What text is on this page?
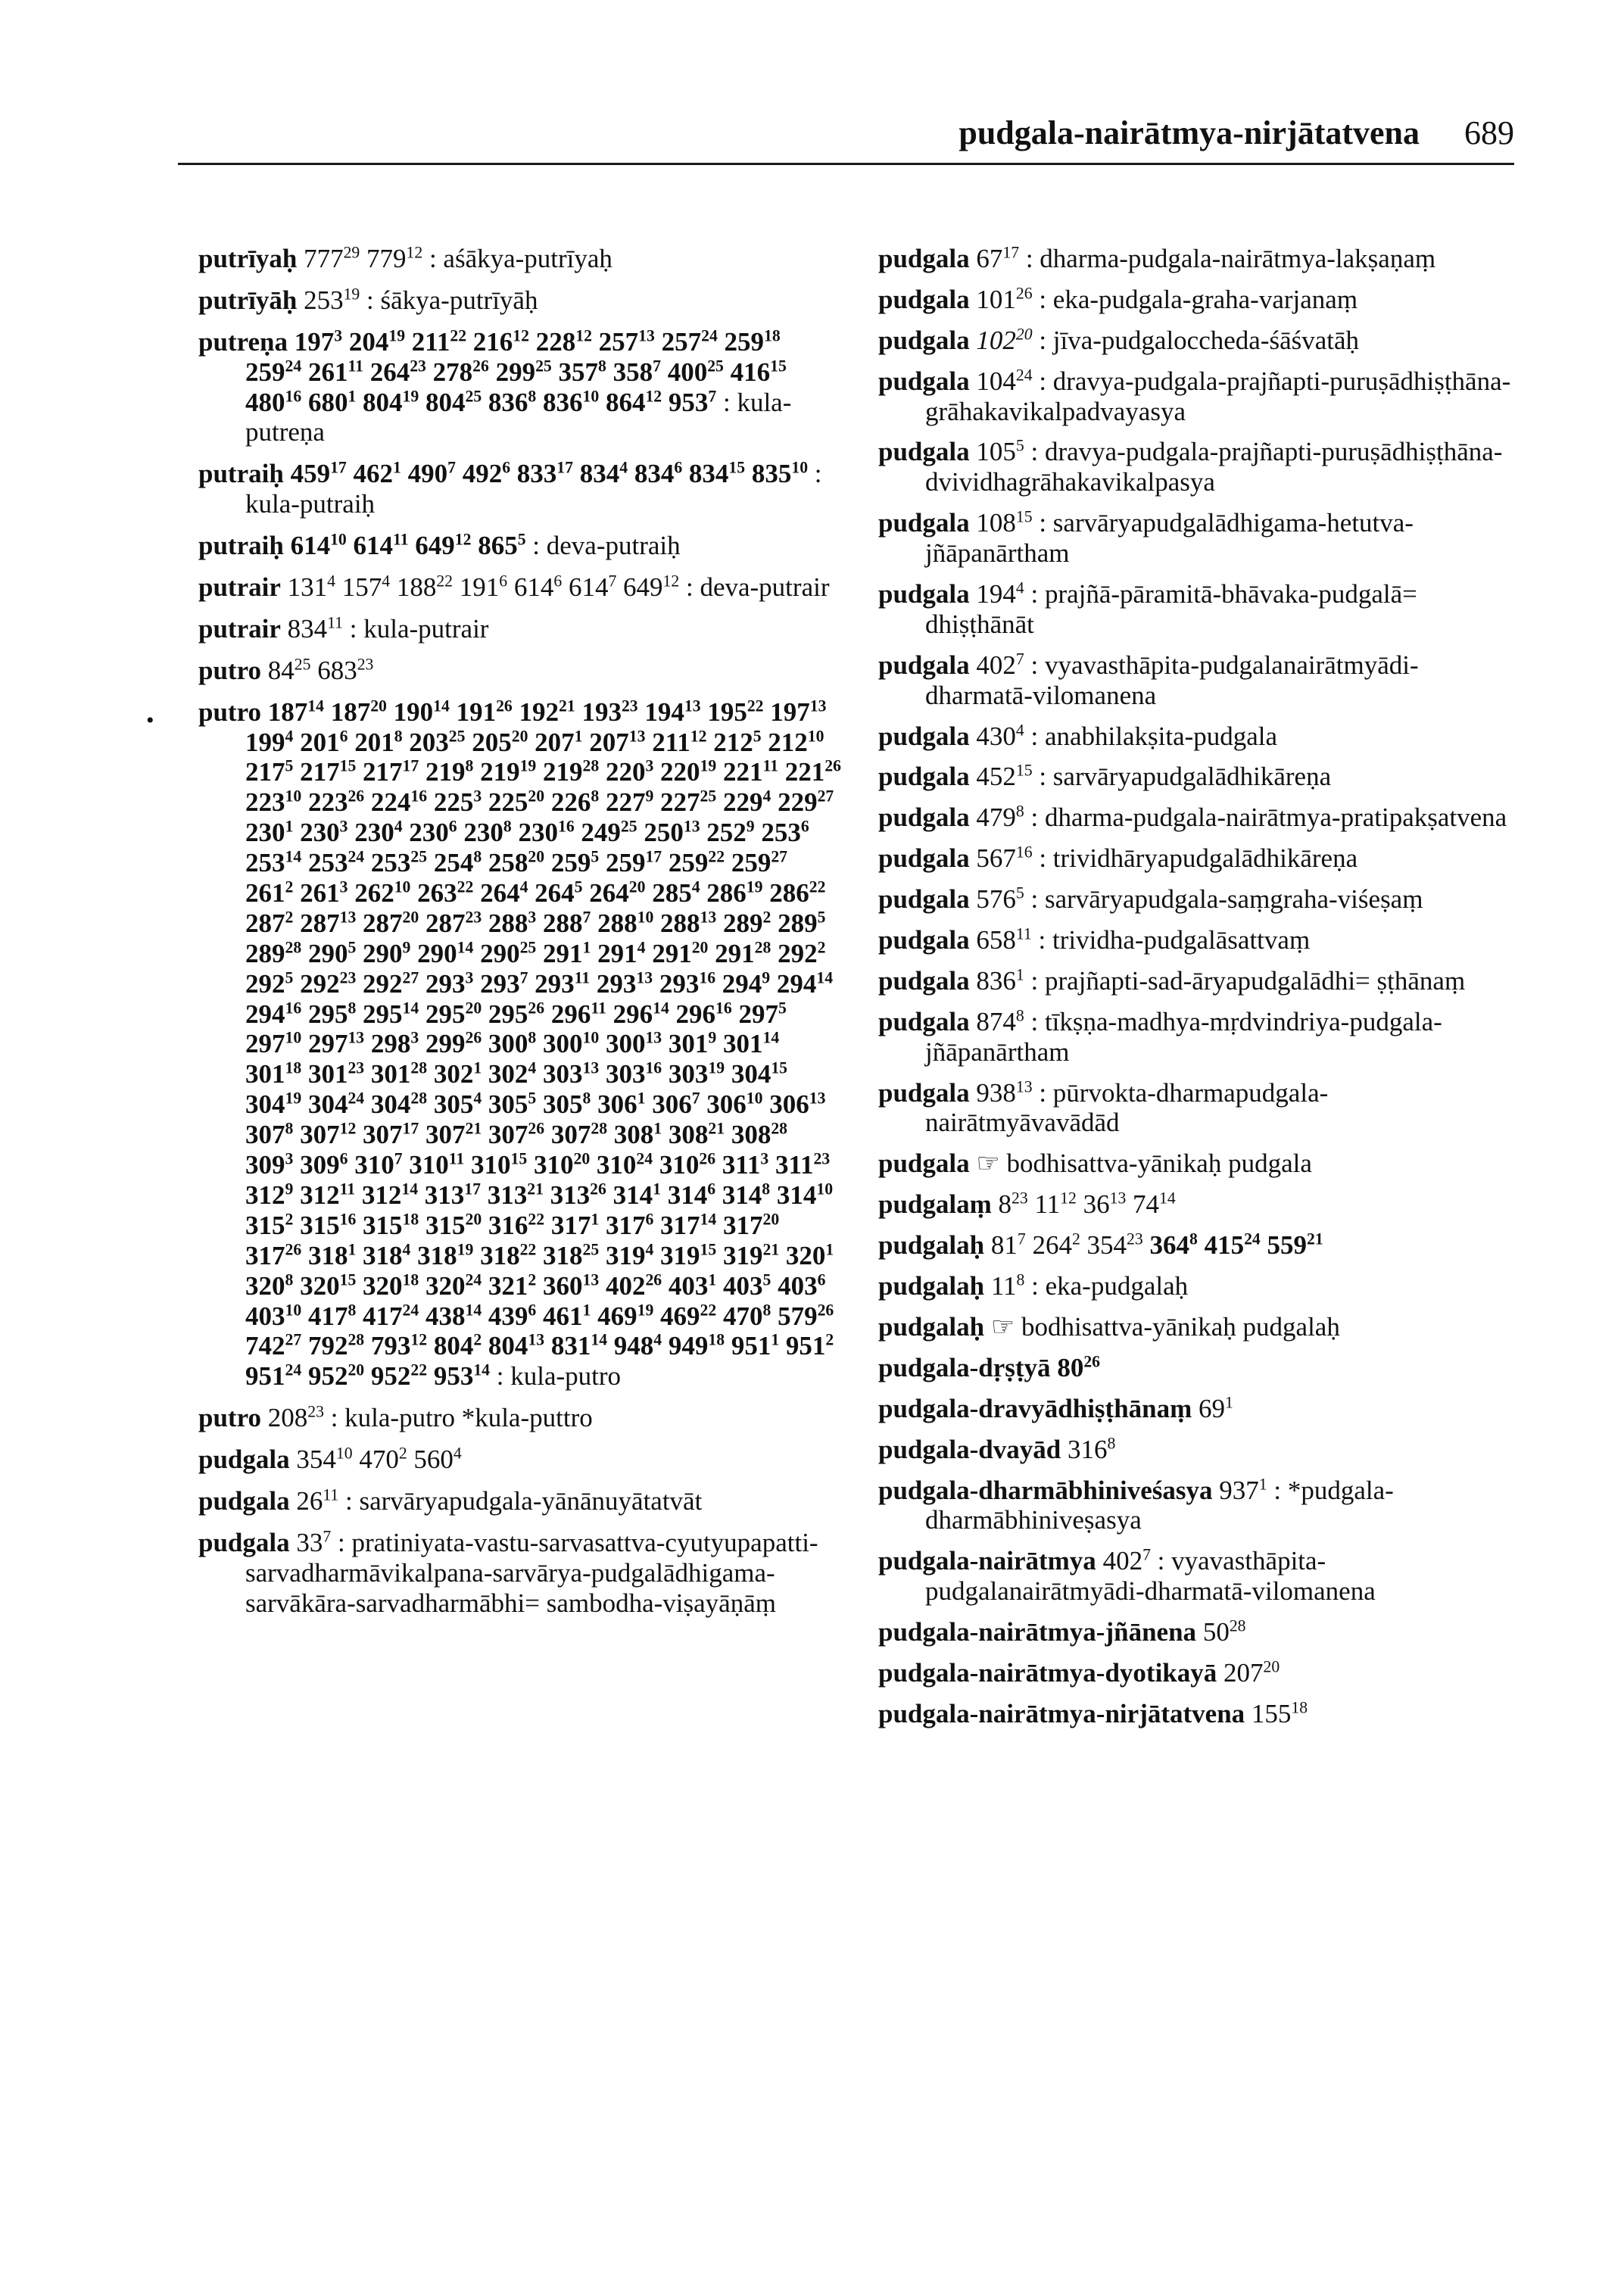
pudgala-nairātmya-nirjātatvena 689
•
putrīyaḥ $777^{29}$ $779^{12}$ : aśākya-putrīyaḥ
putrīyāḥ $253^{19}$ : śākya-putrīyāḥ
putreṇa $197^3$ $204^{19}$ $211^{22}$ $216^{12}$ $228^{12}$ $257^{13}$ $257^{24}$ $259^{18}$ $259^{24}$ $261^{11}$ $264^{23}$ $278^{26}$ $299^{25}$ $357^8$ $358^7$ $400^{25}$ $416^{15}$ $480^{16}$ $680^1$ $804^{19}$ $804^{25}$ $836^8$ $836^{10}$ $864^{12}$ $953^7$ : kula-putreṇa
putraiḥ $459^{17}$ $462^1$ $490^7$ $492^6$ $833^{17}$ $834^4$ $834^6$ $834^{15}$ $835^{10}$ : kula-putraiḥ
putraiḥ $614^{10}$ $614^{11}$ $649^{12}$ $865^5$ : deva-putraiḥ
putrair $131^4$ $157^4$ $188^{22}$ $191^6$ $614^6$ $614^7$ $649^{12}$ : deva-putrair
putrair $834^{11}$ : kula-putrair
putro $84^{25}$ $683^{23}$
putro $187^{14}$ $187^{20}$ $190^{14}$ $191^{26}$ $192^{21}$ $193^{23}$ $194^{13}$ $195^{22}$ $197^{13}$ $199^4$ $201^6$ $201^8$ $203^{25}$ $205^{20}$ $207^1$ $207^{13}$ $211^{12}$ $212^5$ $212^{10}$ $217^5$ $217^{15}$ $217^{17}$ $219^8$ $219^{19}$ $219^{28}$ $220^3$ $220^{19}$ $221^{11}$ $221^{26}$ $223^{10}$ $223^{26}$ $224^{16}$ $225^3$ $225^{20}$ $226^8$ $227^9$ $227^{25}$ $229^4$ $229^{27}$ $230^1$ $230^3$ $230^4$ $230^6$ $230^8$ $230^{16}$ $249^{25}$ $250^{13}$ $252^9$ $253^6$ $253^{14}$ $253^{24}$ $253^{25}$ $254^8$ $258^{20}$ $259^5$ $259^{17}$ $259^{22}$ $259^{27}$ $261^2$ $261^3$ $262^{10}$ $263^{22}$ $264^4$ $264^5$ $264^{20}$ $285^4$ $286^{19}$ $286^{22}$ $287^2$ $287^{13}$ $287^{20}$ $287^{23}$ $288^3$ $288^7$ $288^{10}$ $288^{13}$ $289^2$ $289^5$ $289^{28}$ $290^5$ $290^9$ $290^{14}$ $290^{25}$ $291^1$ $291^4$ $291^{20}$ $291^{28}$ $292^2$ $292^5$ $292^{23}$ $292^{27}$ $293^3$ $293^7$ $293^{11}$ $293^{13}$ $293^{16}$ $294^9$ $294^{14}$ $294^{16}$ $295^8$ $295^{14}$ $295^{20}$ $295^{26}$ $296^{11}$ $296^{14}$ $296^{16}$ $297^5$ $297^{10}$ $297^{13}$ $298^3$ $299^{26}$ $300^8$ $300^{10}$ $300^{13}$ $301^9$ $301^{14}$ $301^{18}$ $301^{23}$ $301^{28}$ $302^1$ $302^4$ $303^{13}$ $303^{16}$ $303^{19}$ $304^{15}$ $304^{19}$ $304^{24}$ $304^{28}$ $305^4$ $305^5$ $305^8$ $306^1$ $306^7$ $306^{10}$ $306^{13}$ $307^8$ $307^{12}$ $307^{17}$ $307^{21}$ $307^{26}$ $307^{28}$ $308^1$ $308^{21}$ $308^{28}$ $309^3$ $309^6$ $310^7$ $310^{11}$ $310^{15}$ $310^{20}$ $310^{24}$ $310^{26}$ $311^3$ $311^{23}$ $312^9$ $312^{11}$ $312^{14}$ $313^{17}$ $313^{21}$ $313^{26}$ $314^1$ $314^6$ $314^8$ $314^{10}$ $315^2$ $315^{16}$ $315^{18}$ $315^{20}$ $316^{22}$ $317^1$ $317^6$ $317^{14}$ $317^{20}$ $317^{26}$ $318^1$ $318^4$ $318^{19}$ $318^{22}$ $318^{25}$ $319^4$ $319^{15}$ $319^{21}$ $320^1$ $320^8$ $320^{15}$ $320^{18}$ $320^{24}$ $321^2$ $360^{13}$ $402^{26}$ $403^1$ $403^5$ $403^6$ $403^{10}$ $417^8$ $417^{24}$ $438^{14}$ $439^6$ $461^1$ $469^{19}$ $469^{22}$ $470^8$ $579^{26}$ $742^{27}$ $792^{28}$ $793^{12}$ $804^2$ $804^{13}$ $831^{14}$ $948^4$ $949^{18}$ $951^1$ $951^2$ $951^{24}$ $952^{20}$ $952^{22}$ $953^{14}$ : kula-putro
putro $208^{23}$ : kula-putro *kula-puttro
pudgala $354^{10}$ $470^2$ $560^4$
pudgala $26^{11}$ : sarvāryapudgala-yānānuyātatvāt
pudgala $33^7$ : pratiniyata-vastu-sarvasattva-cyutyupapatti-sarvadharmāvikalpana-sarvārya-pudgalādhigama-sarvākāra-sarvadharmābhi= sambodha-viṣayāṇāṃ
pudgala $67^{17}$ : dharma-pudgala-nairātmya-lakṣaṇaṃ
pudgala $101^{26}$ : eka-pudgala-graha-varjanaṃ
pudgala $102^{20}$ : jīva-pudgaloccheda-śāśvatāḥ
pudgala $104^{24}$ : dravya-pudgala-prajñapti-puruṣādhiṣṭhāna-grāhakavikalpadvayasya
pudgala $105^5$ : dravya-pudgala-prajñapti-puruṣādhiṣṭhāna-dvividhagrāhakavikalpasya
pudgala $108^{15}$ : sarvāryapudgalādhigama-hetutva-jñāpanārtham
pudgala $194^4$ : prajñā-pāramitā-bhāvaka-pudgalā= dhiṣṭhānāt
pudgala $402^7$ : vyavasthāpita-pudgalanairātmyādi-dharmatā-vilomanena
pudgala $430^4$ : anabhilakṣita-pudgala
pudgala $452^{15}$ : sarvāryapudgalādhikāreṇa
pudgala $479^8$ : dharma-pudgala-nairātmya-pratipakṣatvena
pudgala $567^{16}$ : trividhāryapudgalādhikāreṇa
pudgala $576^5$ : sarvāryapudgala-saṃgraha-viśeṣaṃ
pudgala $658^{11}$ : trividha-pudgalāsattvaṃ
pudgala $836^1$ : prajñapti-sad-āryapudgalādhi= ṣṭhānaṃ
pudgala $874^8$ : tīkṣṇa-madhya-mṛdvindriya-pudgala-jñāpanārtham
pudgala $938^{13}$ : pūrvokta-dharmapudgala-nairātmyāvavādād
pudgala ☞ bodhisattva-yānikaḥ pudgala
pudgalaṃ $8^{23}$ $11^{12}$ $36^{13}$ $74^{14}$
pudgalaḥ $81^7$ $264^2$ $354^{23}$ $364^8$ $415^{24}$ $559^{21}$
pudgalaḥ $11^8$ : eka-pudgalaḥ
pudgalaḥ ☞ bodhisattva-yānikaḥ pudgalaḥ
pudgala-dṛṣṭyā $80^{26}$
pudgala-dravyādhiṣṭhānaṃ $69^1$
pudgala-dvayād $316^8$
pudgala-dharmābhiniveśasya $937^1$ : *pudgala-dharmābhiniveṣasya
pudgala-nairātmya $402^7$ : vyavasthāpita-pudgalanairātmyādi-dharmatā-vilomanena
pudgala-nairātmya-jñānena $50^{28}$
pudgala-nairātmya-dyotikayā $207^{20}$
pudgala-nairātmya-nirjātatvena $155^{18}$
